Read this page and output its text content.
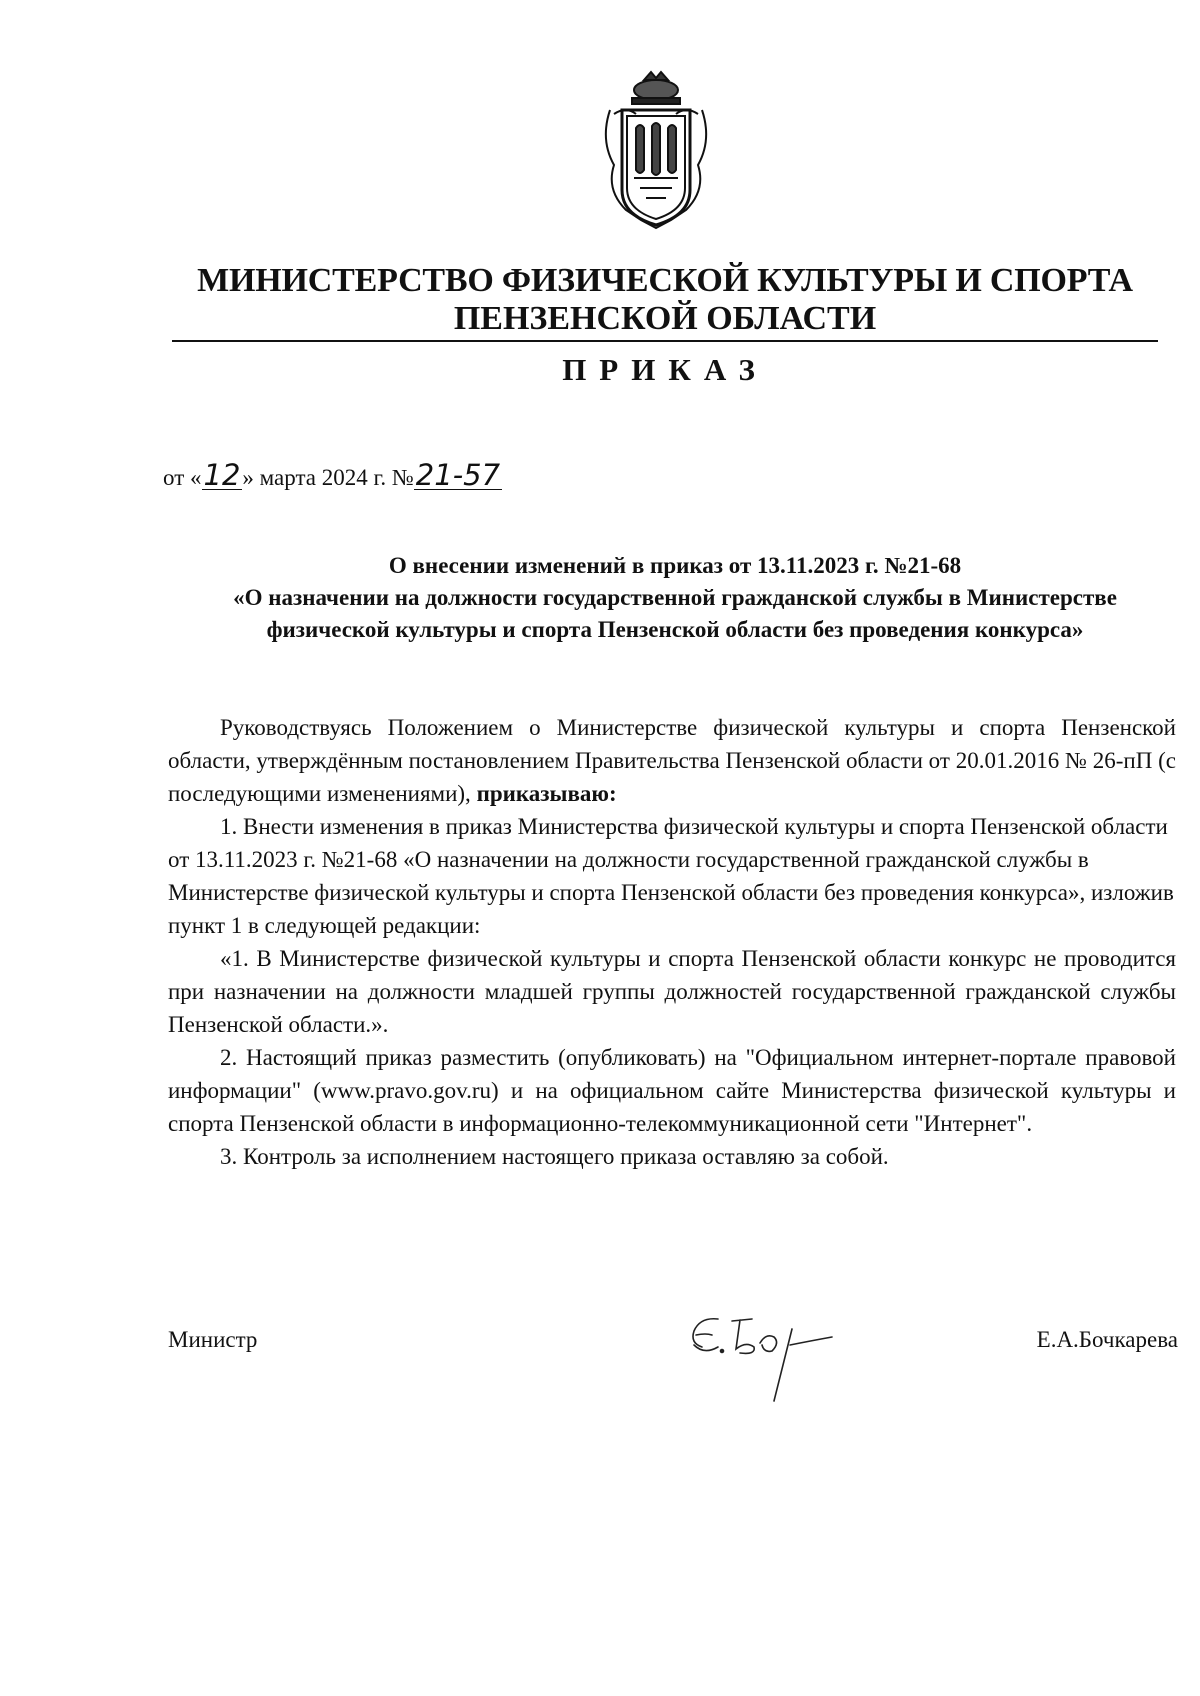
МИНИСТЕРСТВО ФИЗИЧЕСКОЙ КУЛЬТУРЫ И СПОРТА
ПЕНЗЕНСКОЙ ОБЛАСТИ
ПРИКАЗ
от «12» марта 2024 г. №21-57
О внесении изменений в приказ от 13.11.2023 г. №21-68
«О назначении на должности государственной гражданской службы в Министерстве физической культуры и спорта Пензенской области без проведения конкурса»

Руководствуясь Положением о Министерстве физической культуры и спорта Пензенской области, утверждённым постановлением Правительства Пензенской области от 20.01.2016 № 26-пП (с последующими изменениями), приказываю:

1. Внести изменения в приказ Министерства физической культуры и спорта Пензенской области от 13.11.2023 г. №21-68 «О назначении на должности государственной гражданской службы в Министерстве физической культуры и спорта Пензенской области без проведения конкурса», изложив пункт 1 в следующей редакции:

«1. В Министерстве физической культуры и спорта Пензенской области конкурс не проводится при назначении на должности младшей группы должностей государственной гражданской службы Пензенской области.».

2. Настоящий приказ разместить (опубликовать) на "Официальном интернет-портале правовой информации" (www.pravo.gov.ru) и на официальном сайте Министерства физической культуры и спорта Пензенской области в информационно-телекоммуникационной сети "Интернет".

3. Контроль за исполнением настоящего приказа оставляю за собой.

Министр	Е.А.Бочкарева
